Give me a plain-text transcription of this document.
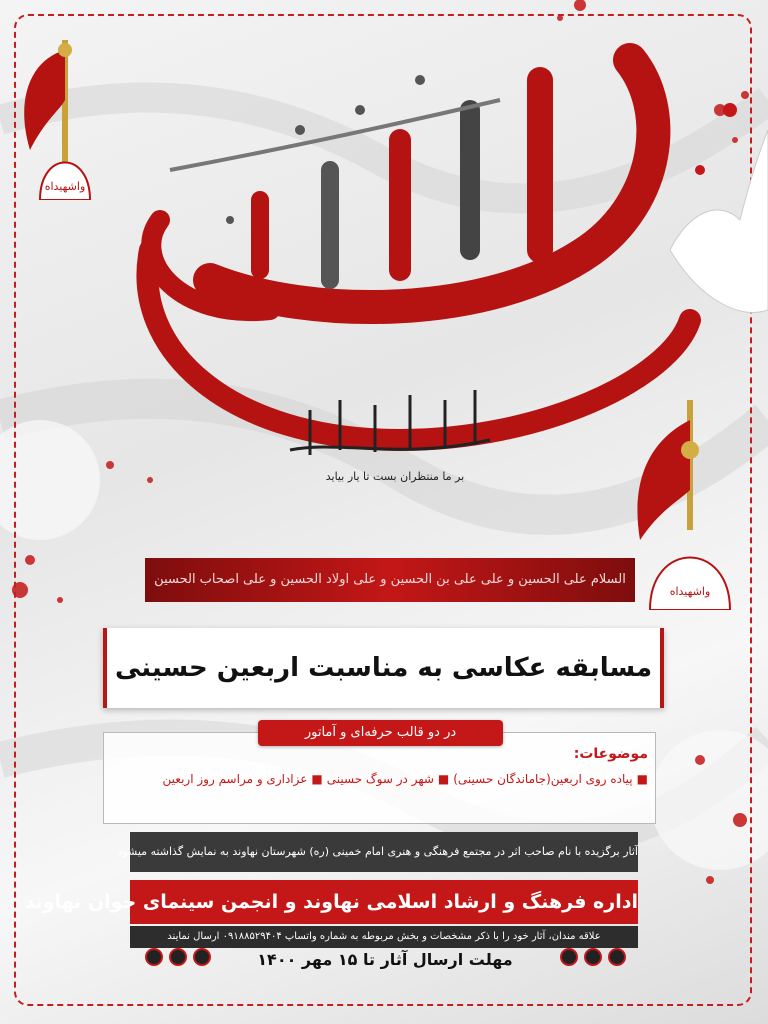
اربعین حسینی
بر ما منتظران بست تا یار بیاید
واشهیداه
واشهیداه
السلام علی الحسین و علی علی بن الحسین و علی اولاد الحسین و علی اصحاب الحسین
مسابقه عکاسی به مناسبت اربعین حسینی
در دو قالب حرفه‌ای و آماتور
موضوعات:
■
پیاده روی اربعین(جاماندگان حسینی)
■
شهر در سوگ حسینی
■
عزاداری و مراسم روز اربعین
آثار برگزیده با نام صاحب اثر در مجتمع فرهنگی و هنری امام خمینی (ره) شهرستان نهاوند به نمایش گذاشته میشود
اداره فرهنگ و ارشاد اسلامی نهاوند و انجمن سینمای جوان نهاوند
علاقه مندان، آثار خود را با ذکر مشخصات و بخش مربوطه به شماره واتساپ ۰۹۱۸۸۵۲۹۴۰۴ ارسال نمایند
مهلت ارسال آثار تا ۱۵ مهر ۱۴۰۰
